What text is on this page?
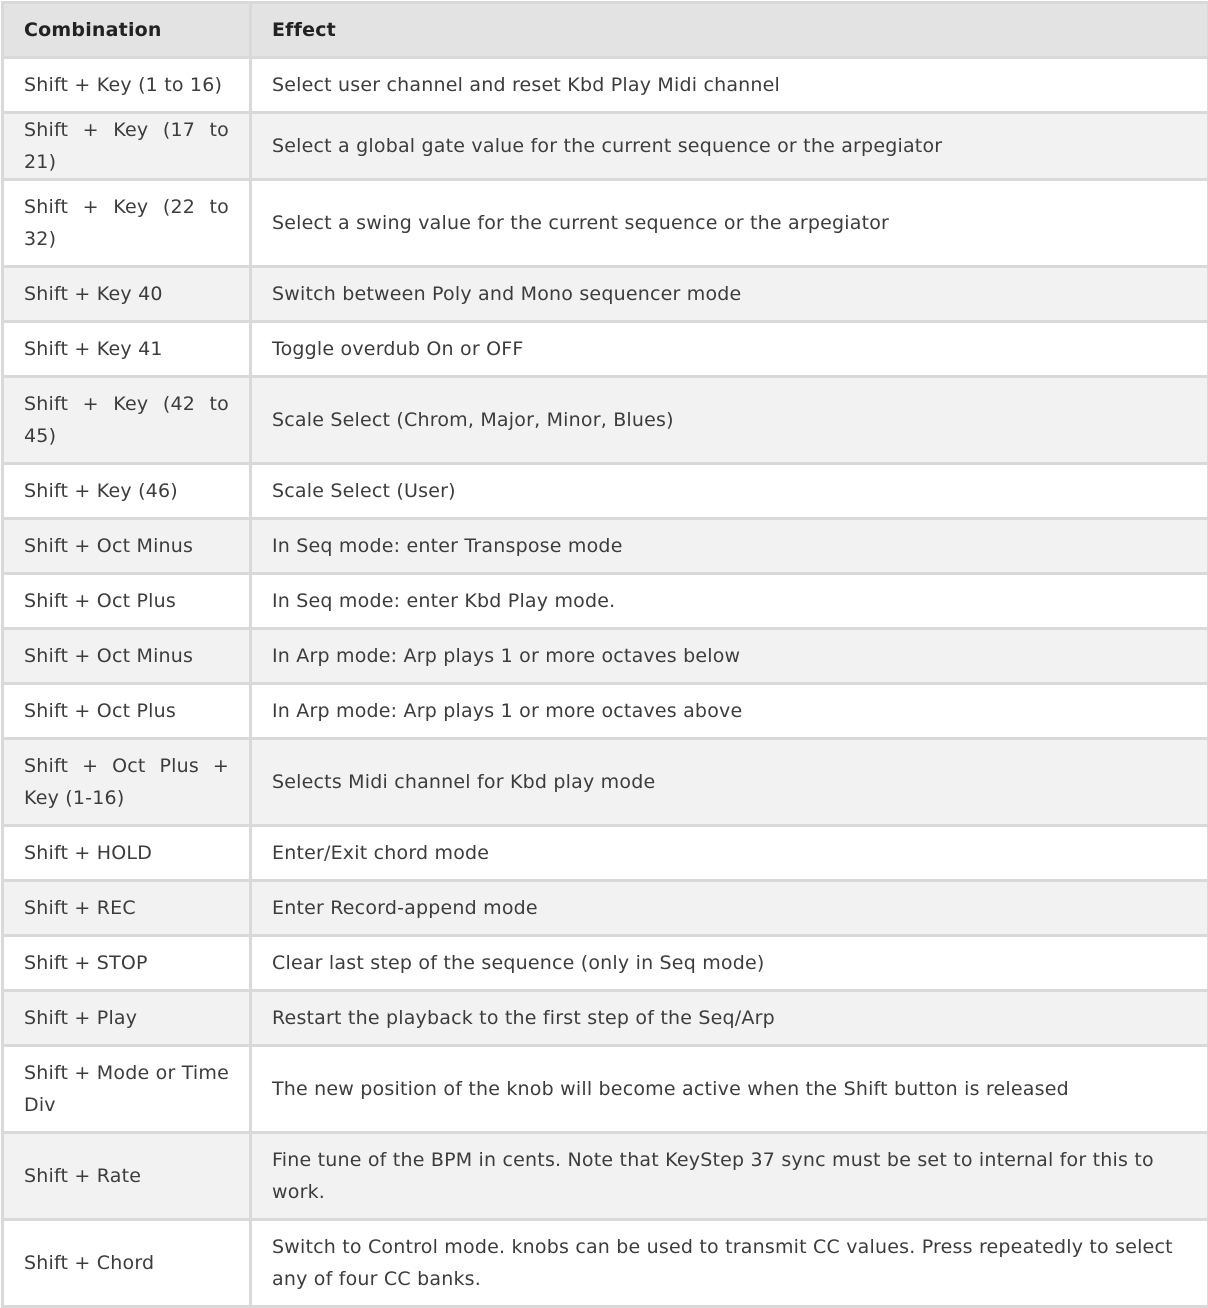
Combination	Effect
Shift + Key (1 to 16)	Select user channel and reset Kbd Play Midi channel
Shift + Key (17 to 21)	Select a global gate value for the current sequence or the arpegiator
Shift + Key (22 to 32)	Select a swing value for the current sequence or the arpegiator
Shift + Key 40	Switch between Poly and Mono sequencer mode
Shift + Key 41	Toggle overdub On or OFF
Shift + Key (42 to 45)	Scale Select (Chrom, Major, Minor, Blues)
Shift + Key (46)	Scale Select (User)
Shift + Oct Minus	In Seq mode: enter Transpose mode
Shift + Oct Plus	In Seq mode: enter Kbd Play mode.
Shift + Oct Minus	In Arp mode: Arp plays 1 or more octaves below
Shift + Oct Plus	In Arp mode: Arp plays 1 or more octaves above
Shift + Oct Plus + Key (1-16)	Selects Midi channel for Kbd play mode
Shift + HOLD	Enter/Exit chord mode
Shift + REC	Enter Record-append mode
Shift + STOP	Clear last step of the sequence (only in Seq mode)
Shift + Play	Restart the playback to the first step of the Seq/Arp
Shift + Mode or Time Div	The new position of the knob will become active when the Shift button is released
Shift + Rate	Fine tune of the BPM in cents. Note that KeyStep 37 sync must be set to internal for this to work.
Shift + Chord	Switch to Control mode. knobs can be used to transmit CC values. Press repeatedly to select any of four CC banks.
